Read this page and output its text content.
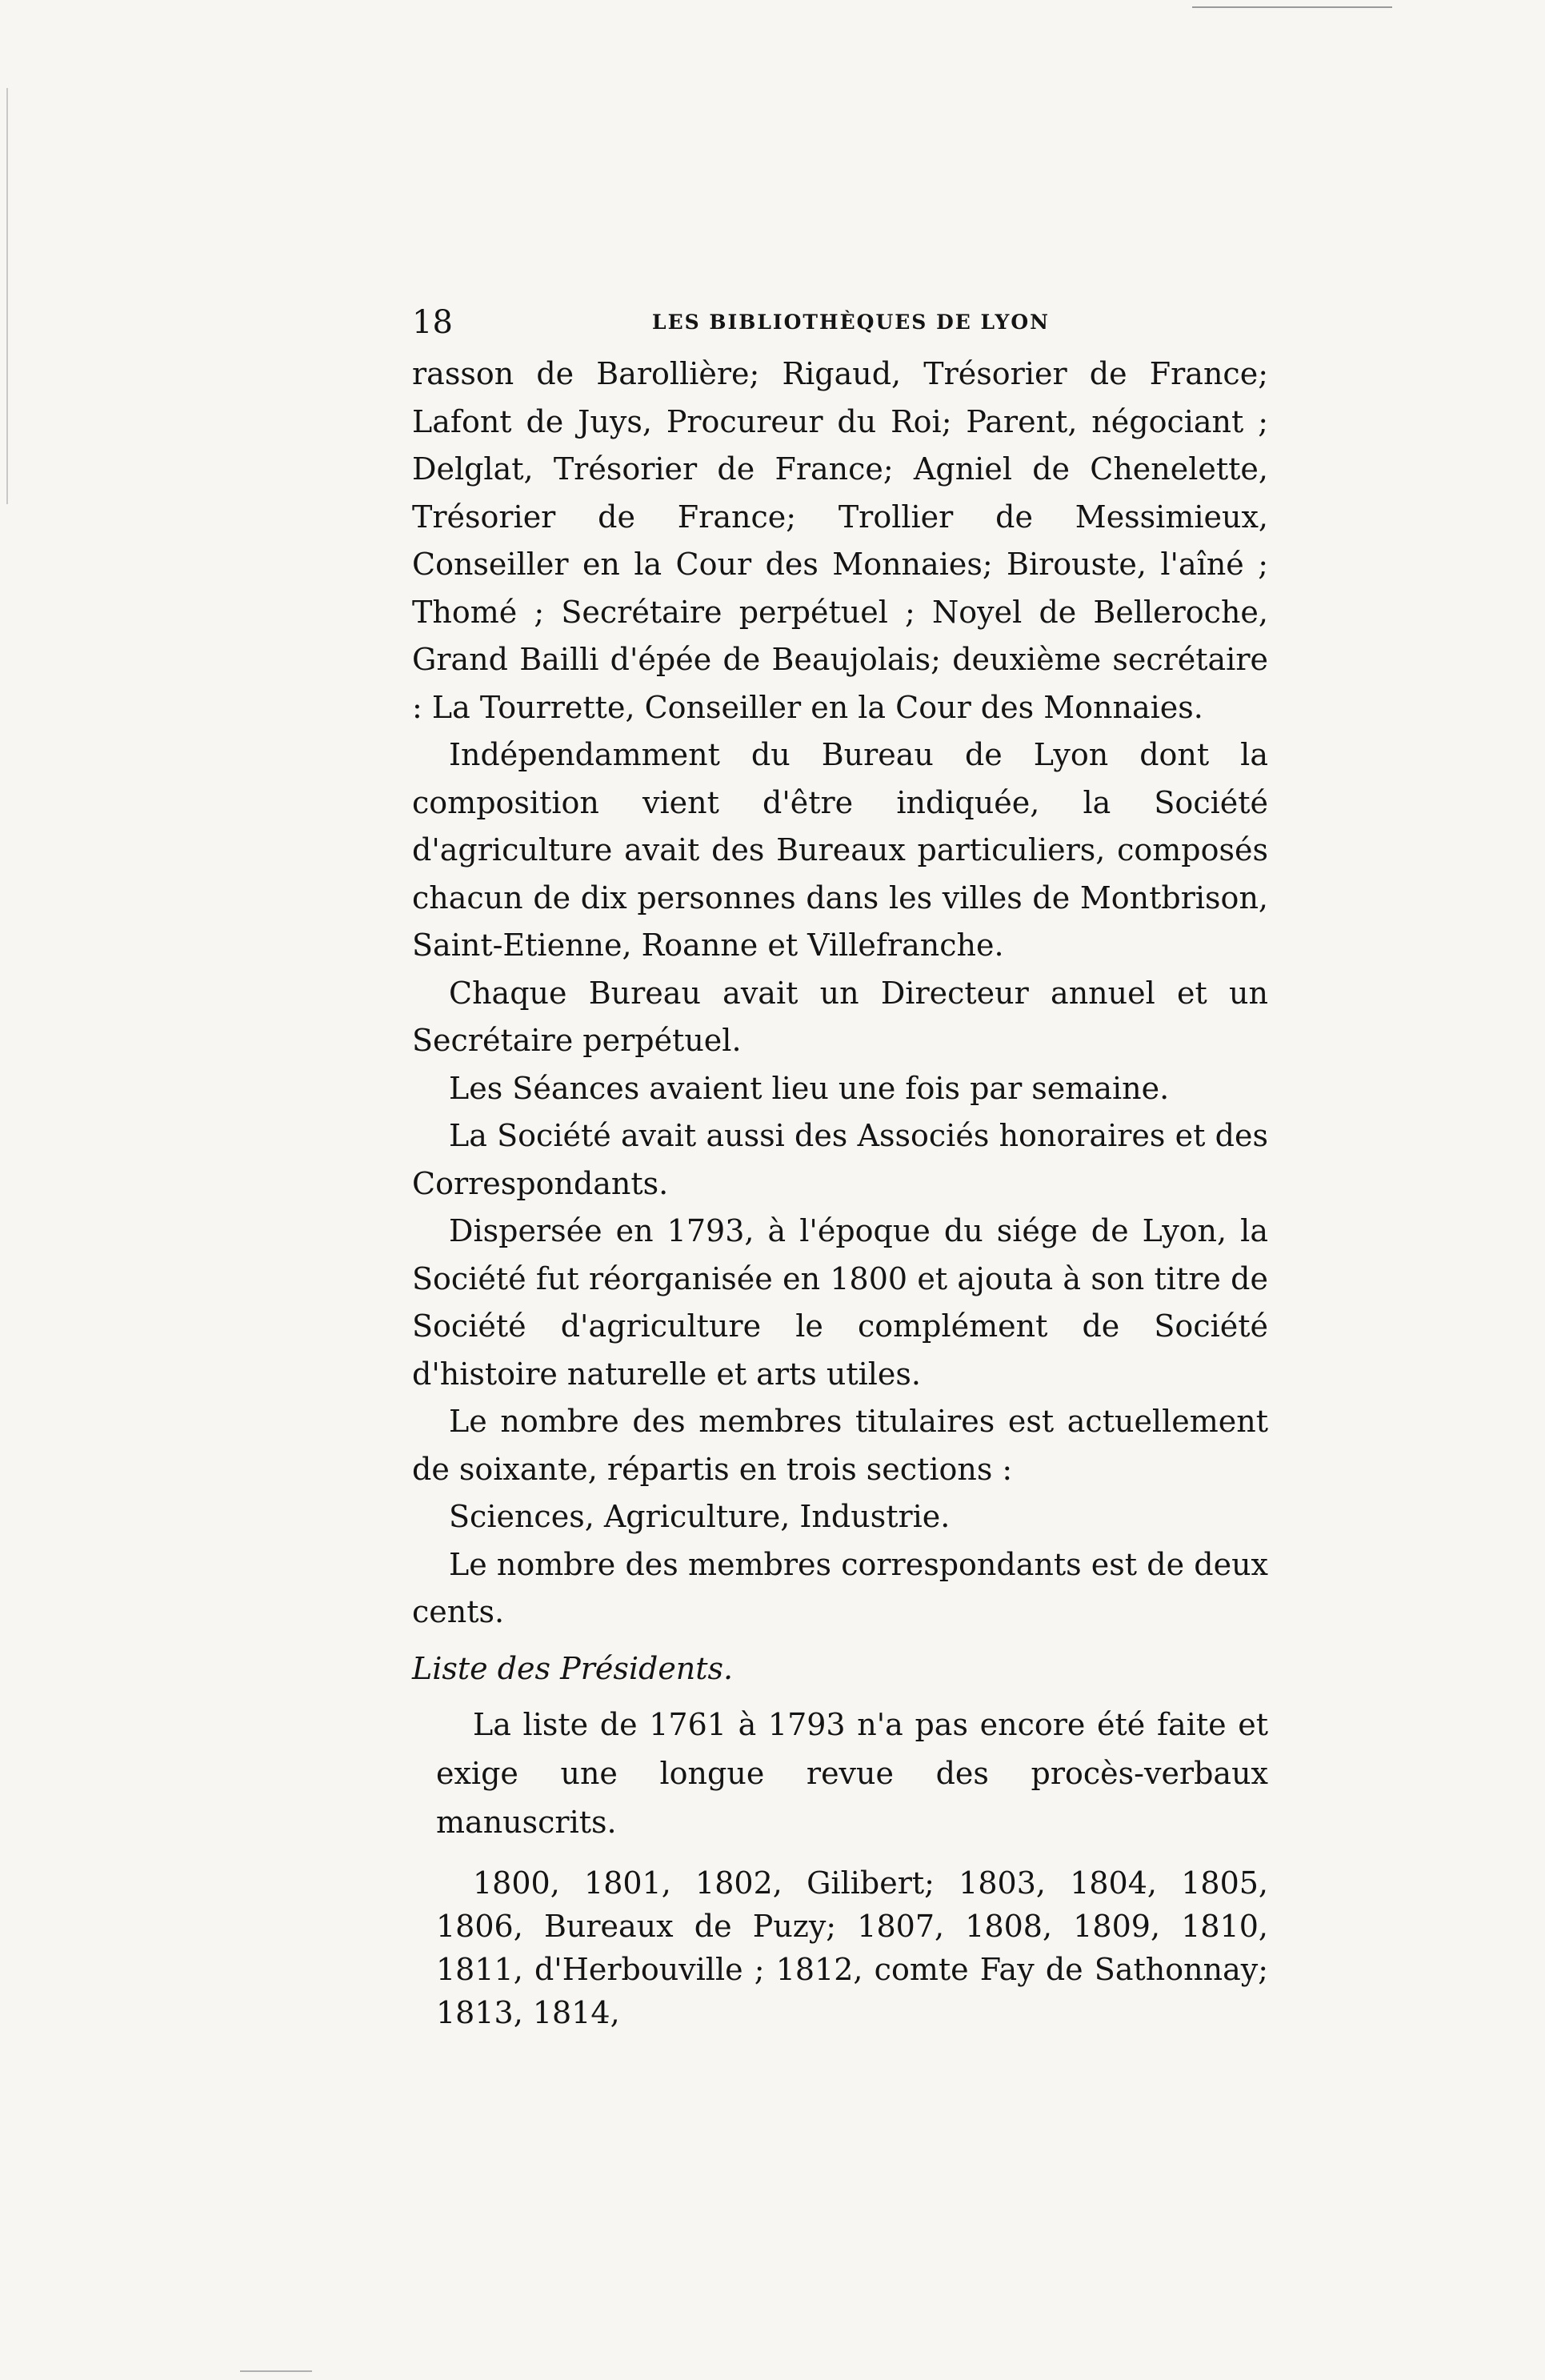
18	LES BIBLIOTHÈQUES DE LYON

rasson de Barollière; Rigaud, Trésorier de France; Lafont de Juys, Procureur du Roi; Parent, négociant ; Delglat, Trésorier de France; Agniel de Chenelette, Trésorier de France; Trollier de Messimieux, Conseiller en la Cour des Monnaies; Birouste, l'aîné ; Thomé ; Secrétaire perpétuel ; Noyel de Belleroche, Grand Bailli d'épée de Beaujolais; deuxième secrétaire : La Tourrette, Conseiller en la Cour des Monnaies.

Indépendamment du Bureau de Lyon dont la composition vient d'être indiquée, la Société d'agriculture avait des Bureaux particuliers, composés chacun de dix personnes dans les villes de Montbrison, Saint-Etienne, Roanne et Villefranche.

Chaque Bureau avait un Directeur annuel et un Secrétaire perpétuel.

Les Séances avaient lieu une fois par semaine.

La Société avait aussi des Associés honoraires et des Correspondants.

Dispersée en 1793, à l'époque du siége de Lyon, la Société fut réorganisée en 1800 et ajouta à son titre de Société d'agriculture le complément de Société d'histoire naturelle et arts utiles.

Le nombre des membres titulaires est actuellement de soixante, répartis en trois sections :

Sciences, Agriculture, Industrie.

Le nombre des membres correspondants est de deux cents.

Liste des Présidents.

La liste de 1761 à 1793 n'a pas encore été faite et exige une longue revue des procès-verbaux manuscrits.

1800, 1801, 1802, Gilibert; 1803, 1804, 1805, 1806, Bureaux de Puzy; 1807, 1808, 1809, 1810, 1811, d'Herbouville ; 1812, comte Fay de Sathonnay; 1813, 1814,
